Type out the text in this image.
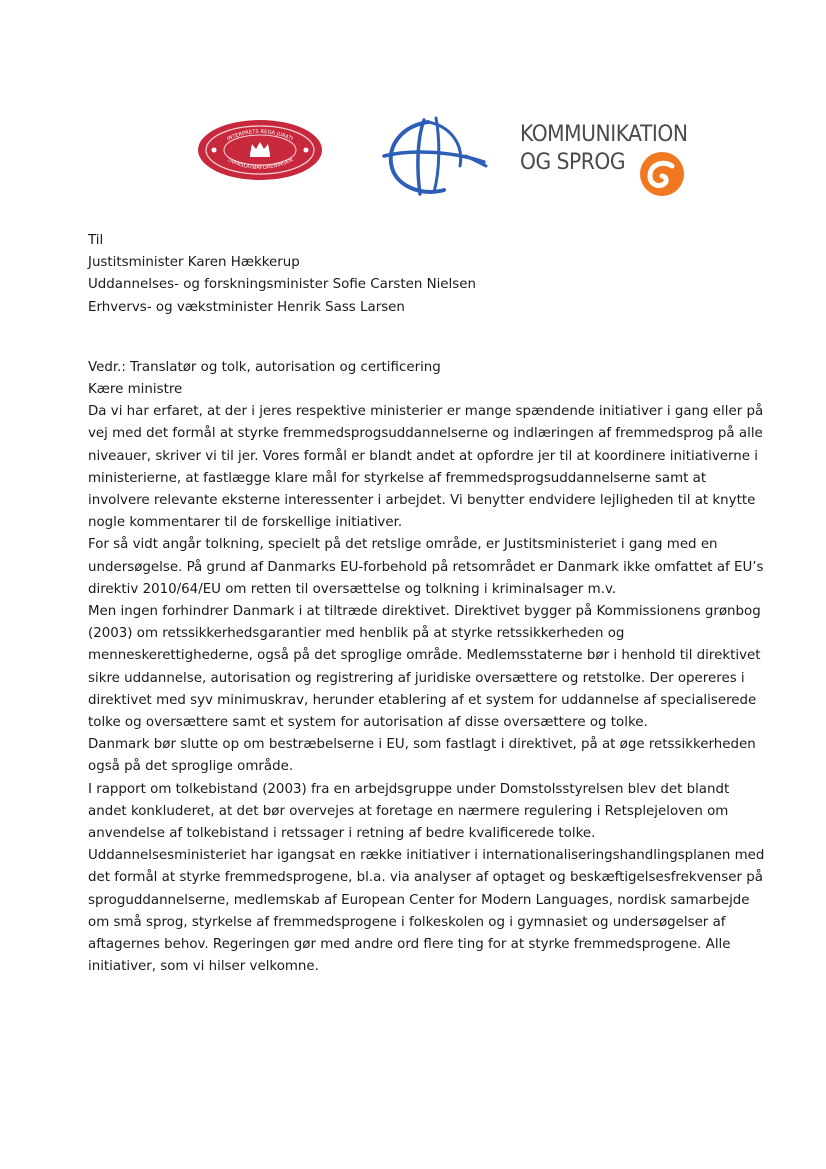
INTERPRETS REGA JURATI
TRANSLATØRFORENINGEN
KOMMUNIKATION
OG SPROG

Til

Justitsminister Karen Hækkerup

Uddannelses- og forskningsminister Sofie Carsten Nielsen

Erhvervs- og vækstminister Henrik Sass Larsen

Vedr.: Translatør og tolk, autorisation og certificering

Kære ministre

Da vi har erfaret, at der i jeres respektive ministerier er mange spændende initiativer i gang eller på vej med det formål at styrke fremmedsprogsuddannelserne og indlæringen af fremmedsprog på alle niveauer, skriver vi til jer. Vores formål er blandt andet at opfordre jer til at koordinere initiativerne i ministerierne, at fastlægge klare mål for styrkelse af fremmedsprogsuddannelserne samt at involvere relevante eksterne interessenter i arbejdet. Vi benytter endvidere lejligheden til at knytte nogle kommentarer til de forskellige initiativer.

For så vidt angår tolkning, specielt på det retslige område, er Justitsministeriet i gang med en undersøgelse. På grund af Danmarks EU-forbehold på retsområdet er Danmark ikke omfattet af EU’s direktiv 2010/64/EU om retten til oversættelse og tolkning i kriminalsager m.v.

Men ingen forhindrer Danmark i at tiltræde direktivet. Direktivet bygger på Kommissionens grønbog (2003) om retssikkerhedsgarantier med henblik på at styrke retssikkerheden og menneskerettighederne, også på det sproglige område. Medlemsstaterne bør i henhold til direktivet sikre uddannelse, autorisation og registrering af juridiske oversættere og retstolke. Der opereres i direktivet med syv minimuskrav, herunder etablering af et system for uddannelse af specialiserede tolke og oversættere samt et system for autorisation af disse oversættere og tolke.

Danmark bør slutte op om bestræbelserne i EU, som fastlagt i direktivet, på at øge retssikkerheden også på det sproglige område.

I rapport om tolkebistand (2003) fra en arbejdsgruppe under Domstolsstyrelsen blev det blandt andet konkluderet, at det bør overvejes at foretage en nærmere regulering i Retsplejeloven om anvendelse af tolkebistand i retssager i retning af bedre kvalificerede tolke.

Uddannelsesministeriet har igangsat en række initiativer i internationaliseringshandlingsplanen med det formål at styrke fremmedsprogene, bl.a. via analyser af optaget og beskæftigelsesfrekvenser på sproguddannelserne, medlemskab af European Center for Modern Languages, nordisk samarbejde om små sprog, styrkelse af fremmedsprogene i folkeskolen og i gymnasiet og undersøgelser af aftagernes behov. Regeringen gør med andre ord flere ting for at styrke fremmedsprogene. Alle initiativer, som vi hilser velkomne.
